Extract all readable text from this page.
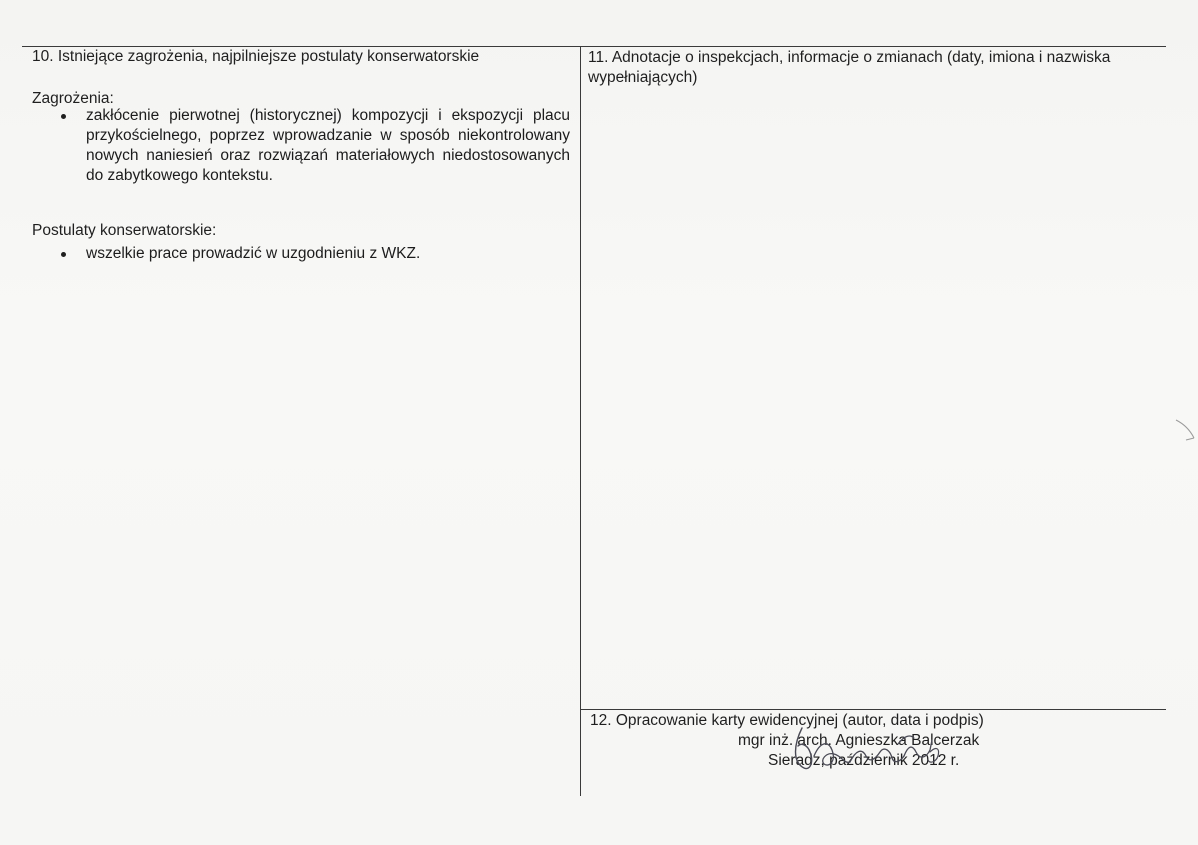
10. Istniejące zagrożenia, najpilniejsze postulaty konserwatorskie
Zagrożenia:
zakłócenie pierwotnej (historycznej) kompozycji i ekspozycji placu przykościelnego, poprzez wprowadzanie w sposób niekontrolowany nowych naniesień oraz rozwiązań materiałowych niedostosowanych do zabytkowego kontekstu.
Postulaty konserwatorskie:
wszelkie prace prowadzić w uzgodnieniu z WKZ.
11. Adnotacje o inspekcjach, informacje o zmianach (daty, imiona i nazwiska wypełniających)
12. Opracowanie karty ewidencyjnej (autor, data i podpis)
mgr inż. arch. Agnieszka Balcerzak
Sieradz, październik 2012 r.
